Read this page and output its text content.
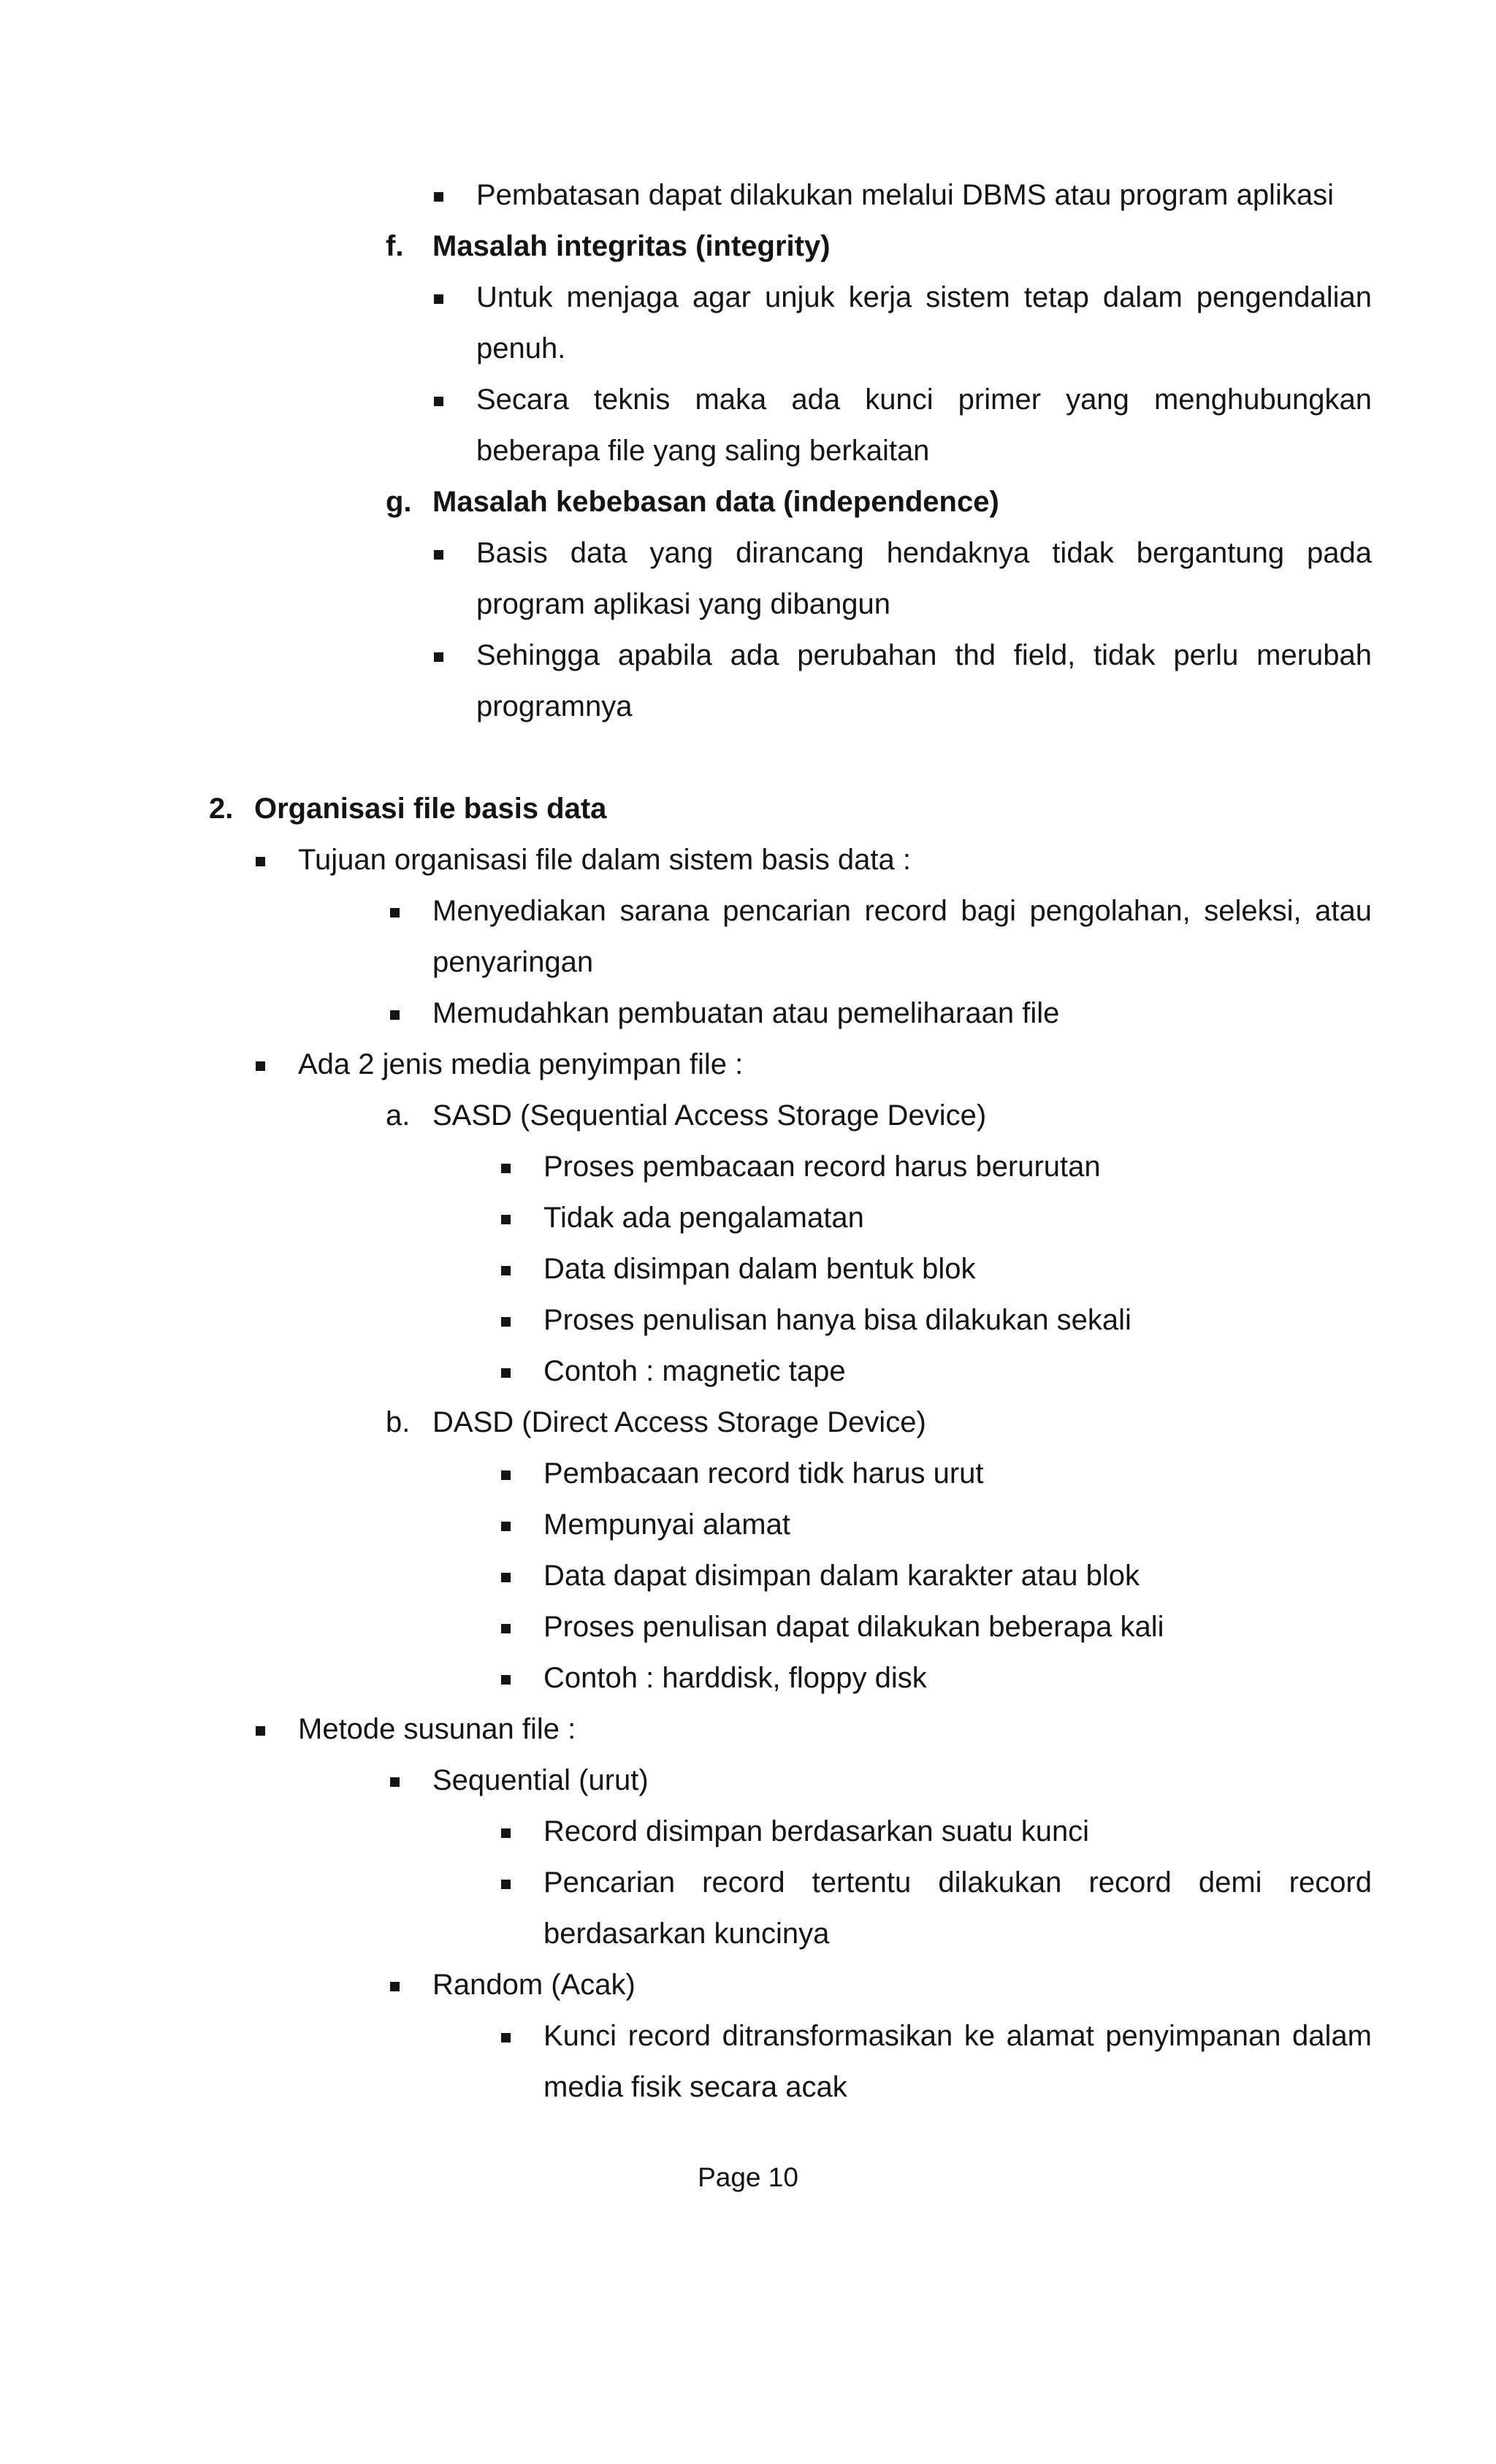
Pembatasan dapat dilakukan melalui DBMS atau program aplikasi
f. Masalah integritas (integrity)
Untuk menjaga agar unjuk kerja sistem tetap dalam pengendalian
penuh.
Secara teknis maka ada kunci primer yang menghubungkan
beberapa file yang saling berkaitan
g. Masalah kebebasan data (independence)
Basis data yang dirancang hendaknya tidak bergantung pada
program aplikasi yang dibangun
Sehingga apabila ada perubahan thd field, tidak perlu merubah
programnya
2. Organisasi file basis data
Tujuan organisasi file dalam sistem basis data :
Menyediakan sarana pencarian record bagi pengolahan, seleksi, atau
penyaringan
Memudahkan pembuatan atau pemeliharaan file
Ada 2 jenis media penyimpan file :
a. SASD (Sequential Access Storage Device)
Proses pembacaan record harus berurutan
Tidak ada pengalamatan
Data disimpan dalam bentuk blok
Proses penulisan hanya bisa dilakukan sekali
Contoh : magnetic tape
b. DASD (Direct Access Storage Device)
Pembacaan record tidk harus urut
Mempunyai alamat
Data dapat disimpan dalam karakter atau blok
Proses penulisan dapat dilakukan beberapa kali
Contoh : harddisk, floppy disk
Metode susunan file :
Sequential (urut)
Record disimpan berdasarkan suatu kunci
Pencarian record tertentu dilakukan record demi record
berdasarkan kuncinya
Random (Acak)
Kunci record ditransformasikan ke alamat penyimpanan dalam
media fisik secara acak
Page 10
